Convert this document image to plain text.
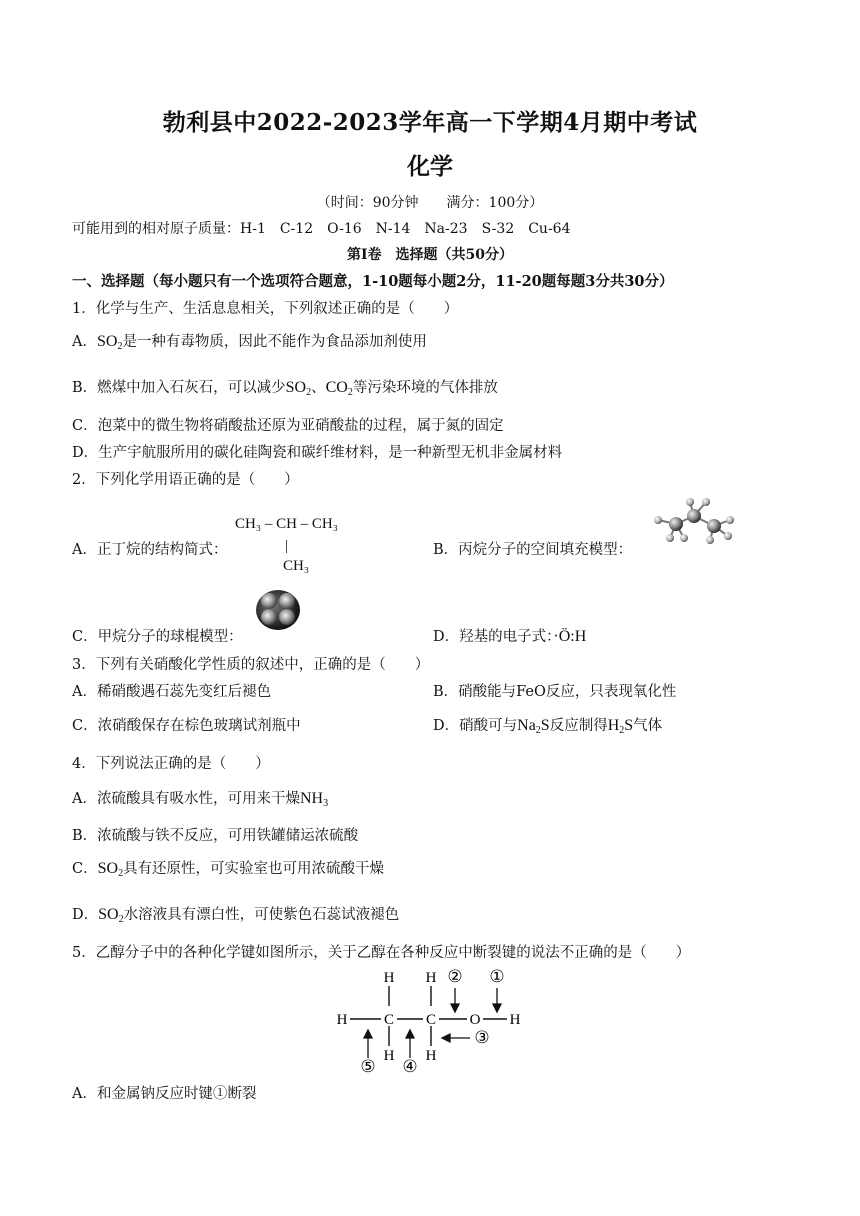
勃利县中2022-2023学年高一下学期4月期中考试
化学
（时间：90分钟　　满分：100分）
可能用到的相对原子质量：H-1　C-12　O-16　N-14　Na-23　S-32　Cu-64
第Ⅰ卷　选择题（共50分）
一、选择题（每小题只有一个选项符合题意，1-10题每小题2分，11-20题每题3分共30分）
1．化学与生产、生活息息相关，下列叙述正确的是（　　）
A．$SO_2$是一种有毒物质，因此不能作为食品添加剂使用
B．燃煤中加入石灰石，可以减少$SO_2$、$CO_2$等污染环境的气体排放
C．泡菜中的微生物将硝酸盐还原为亚硝酸盐的过程，属于氮的固定
D．生产宇航服所用的碳化硅陶瓷和碳纤维材料，是一种新型无机非金属材料
2．下列化学用语正确的是（　　）
A．正丁烷的结构简式：
CH₃ – CH – CH₃
|
CH₃
B．丙烷分子的空间填充模型：
C．甲烷分子的球棍模型：	D．羟基的电子式：·Ö:H
3．下列有关硝酸化学性质的叙述中，正确的是（　　）
A．稀硝酸遇石蕊先变红后褪色	B．硝酸能与FeO反应，只表现氧化性
C．浓硝酸保存在棕色玻璃试剂瓶中	D．硝酸可与$Na_2S$反应制得$H_2S$气体
4．下列说法正确的是（　　）
A．浓硫酸具有吸水性，可用来干燥$NH_3$
B．浓硫酸与铁不反应，可用铁罐储运浓硫酸
C．$SO_2$具有还原性，可实验室也可用浓硫酸干燥
D．$SO_2$水溶液具有漂白性，可使紫色石蕊试液褪色
5．乙醇分子中的各种化学键如图所示，关于乙醇在各种反应中断裂键的说法不正确的是（　　）
H C C O H
H H
H H
② ①
③
④
⑤
A．和金属钠反应时键①断裂
